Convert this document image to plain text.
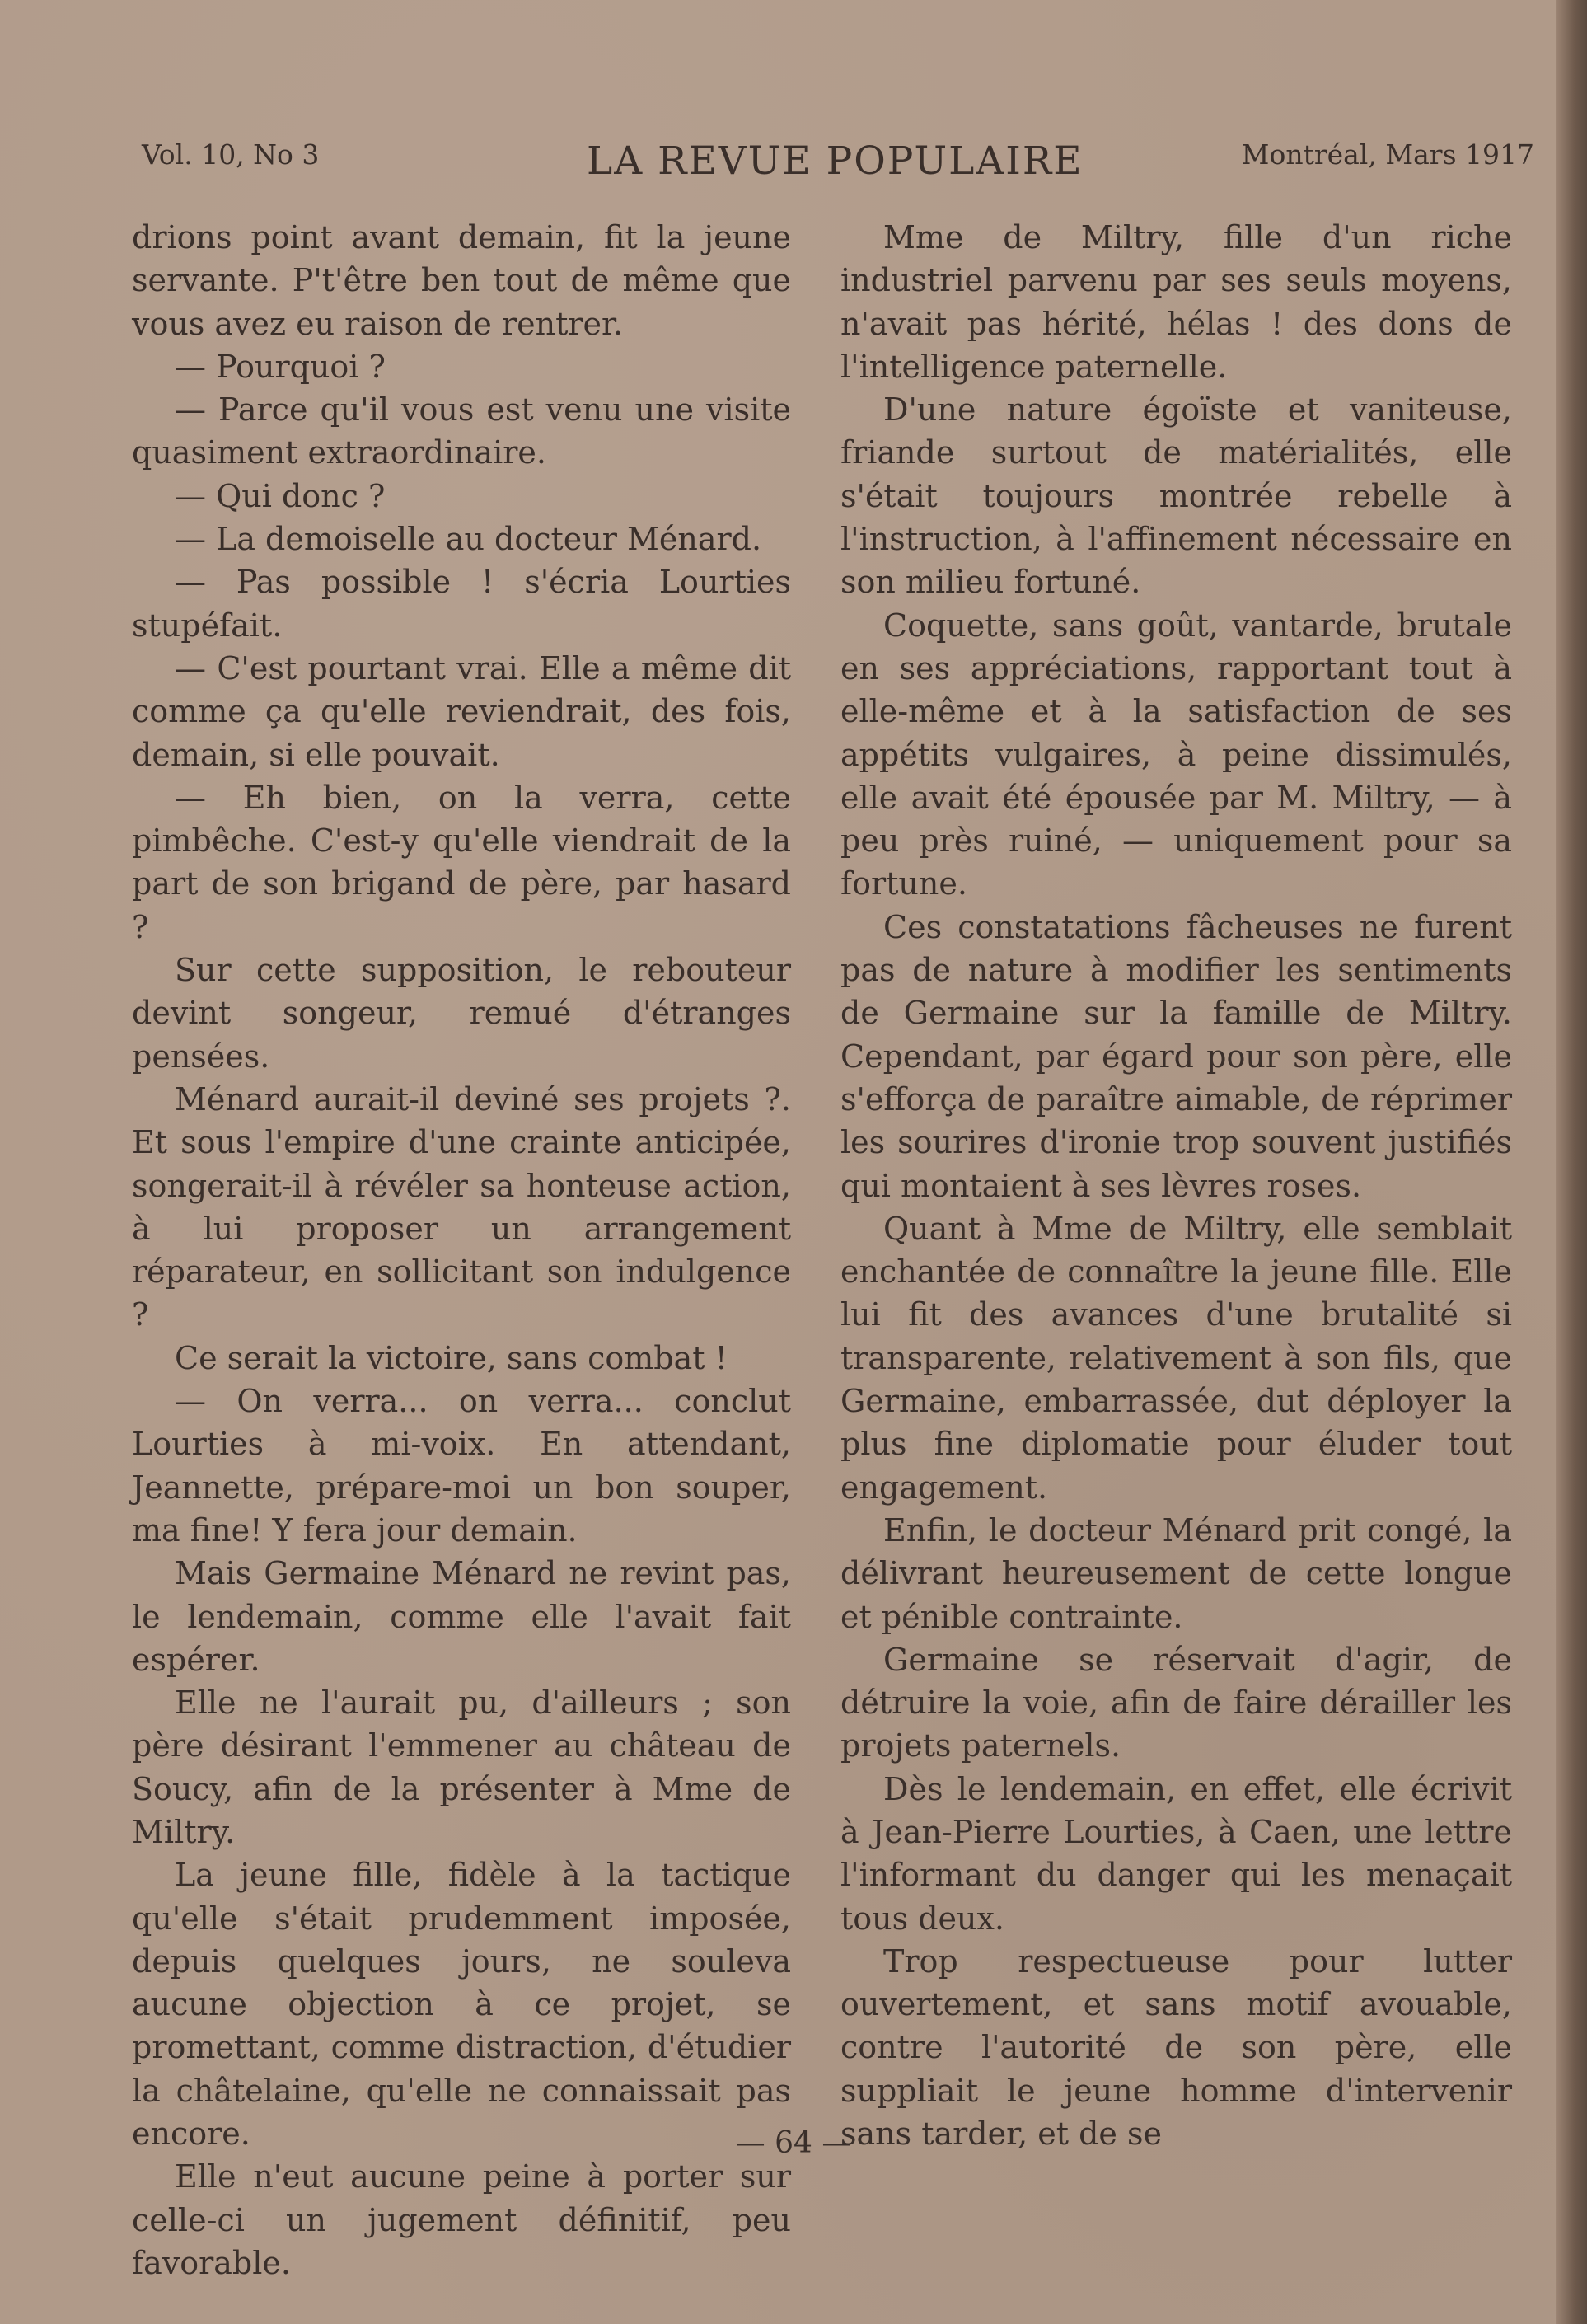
Vol. 10, No 3	LA REVUE POPULAIRE	Montréal, Mars 1917

drions point avant demain, fit la jeune servante. P't'être ben tout de même que vous avez eu raison de rentrer.

— Pourquoi ?

— Parce qu'il vous est venu une visite quasiment extraordinaire.

— Qui donc ?

— La demoiselle au docteur Ménard.

— Pas possible ! s'écria Lourties stupéfait.

— C'est pourtant vrai. Elle a même dit comme ça qu'elle reviendrait, des fois, demain, si elle pouvait.

— Eh bien, on la verra, cette pimbêche. C'est-y qu'elle viendrait de la part de son brigand de père, par hasard ?

Sur cette supposition, le rebouteur devint songeur, remué d'étranges pensées.

Ménard aurait-il deviné ses projets ?. Et sous l'empire d'une crainte anticipée, songerait-il à révéler sa honteuse action, à lui proposer un arrangement réparateur, en sollicitant son indulgence ?

Ce serait la victoire, sans combat !

— On verra... on verra... conclut Lourties à mi-voix. En attendant, Jeannette, prépare-moi un bon souper, ma fine! Y fera jour demain.

Mais Germaine Ménard ne revint pas, le lendemain, comme elle l'avait fait espérer.

Elle ne l'aurait pu, d'ailleurs ; son père désirant l'emmener au château de Soucy, afin de la présenter à Mme de Miltry.

La jeune fille, fidèle à la tactique qu'elle s'était prudemment imposée, depuis quelques jours, ne souleva aucune objection à ce projet, se promettant, comme distraction, d'étudier la châtelaine, qu'elle ne connaissait pas encore.

Elle n'eut aucune peine à porter sur celle-ci un jugement définitif, peu favorable.

Mme de Miltry, fille d'un riche industriel parvenu par ses seuls moyens, n'avait pas hérité, hélas ! des dons de l'intelligence paternelle.

D'une nature égoïste et vaniteuse, friande surtout de matérialités, elle s'était toujours montrée rebelle à l'instruction, à l'affinement nécessaire en son milieu fortuné.

Coquette, sans goût, vantarde, brutale en ses appréciations, rapportant tout à elle-même et à la satisfaction de ses appétits vulgaires, à peine dissimulés, elle avait été épousée par M. Miltry, — à peu près ruiné, — uniquement pour sa fortune.

Ces constatations fâcheuses ne furent pas de nature à modifier les sentiments de Germaine sur la famille de Miltry. Cependant, par égard pour son père, elle s'efforça de paraître aimable, de réprimer les sourires d'ironie trop souvent justifiés qui montaient à ses lèvres roses.

Quant à Mme de Miltry, elle semblait enchantée de connaître la jeune fille. Elle lui fit des avances d'une brutalité si transparente, relativement à son fils, que Germaine, embarrassée, dut déployer la plus fine diplomatie pour éluder tout engagement.

Enfin, le docteur Ménard prit congé, la délivrant heureusement de cette longue et pénible contrainte.

Germaine se réservait d'agir, de détruire la voie, afin de faire dérailler les projets paternels.

Dès le lendemain, en effet, elle écrivit à Jean-Pierre Lourties, à Caen, une lettre l'informant du danger qui les menaçait tous deux.

Trop respectueuse pour lutter ouvertement, et sans motif avouable, contre l'autorité de son père, elle suppliait le jeune homme d'intervenir sans tarder, et de se

— 64 —
